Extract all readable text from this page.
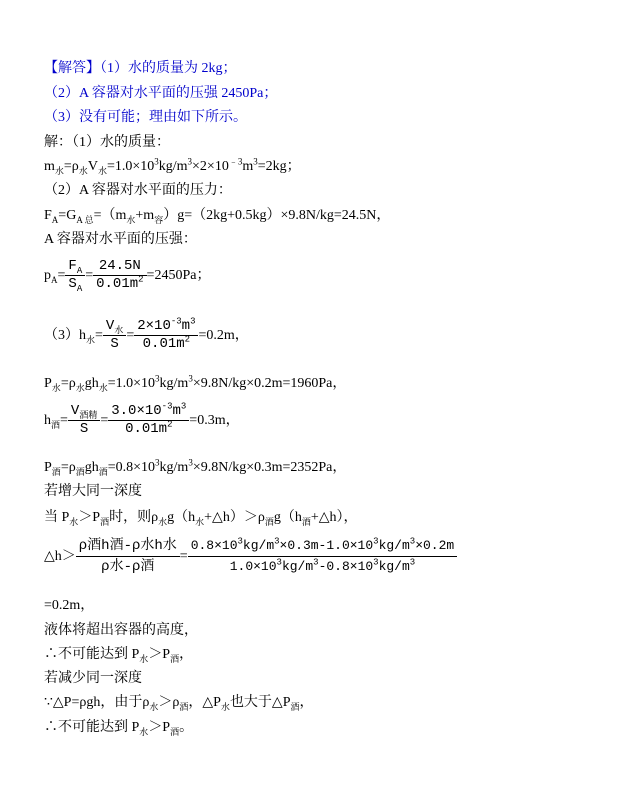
【解答】（1）水的质量为 2kg；
（2）A 容器对水平面的压强 2450Pa；
（3）没有可能；理由如下所示。
解：（1）水的质量：
$m_水=\rho_水V_水=1.0\times 10^3kg/m^3\times 2\times 10^{﹣3}m^3=2kg$；
（2）A 容器对水平面的压力：
$F_A=G_{A 总}=(m_水+m_容)g=(2kg+0.5kg)\times 9.8N/kg=24.5N$，
A 容器对水平面的压强：
$p_A= \frac{F_A}{S_A} = \frac{24.5N}{0.01m^2} =2450Pa$；
$(3)h_水= \frac{V_水}{S} = \frac{2\times 10^{-3}m^3}{0.01m^2} =0.2m$，
$P_水=\rho_水gh_水=1.0\times 10^3kg/m^3\times 9.8N/kg\times 0.2m=1960Pa$，
$h_酒= \frac{V_{酒精}}{S} = \frac{3.0\times 10^{-3}m^3}{0.01m^2} =0.3m$，
$P_酒=\rho_酒gh_酒=0.8\times 10^3kg/m^3\times 9.8N/kg\times 0.3m=2352Pa$，
若增大同一深度
当 $P_水>P_酒$时，则$\rho_水g(h_水+\triangle h)>\rho_酒g(h_酒+\triangle h)$，
△h＞ $\frac{\text{ρ酒h酒-ρ水h水}}{\text{ρ水-ρ酒}} = \frac{0.8\times 10^3kg/m^3\times 0.3m-1.0\times 10^3kg/m^3\times 0.2m}{1.0\times 10^3kg/m^3-0.8\times 10^3kg/m^3}$
=0.2m，
液体将超出容器的高度，
∴不可能达到 $P_水>P_酒$，
若减少同一深度
∵△P=ρgh，由于$\rho_水>\rho_酒$，$\triangle P_水$也大于$\triangle P_酒$，
∴不可能达到 $P_水>P_酒$。
